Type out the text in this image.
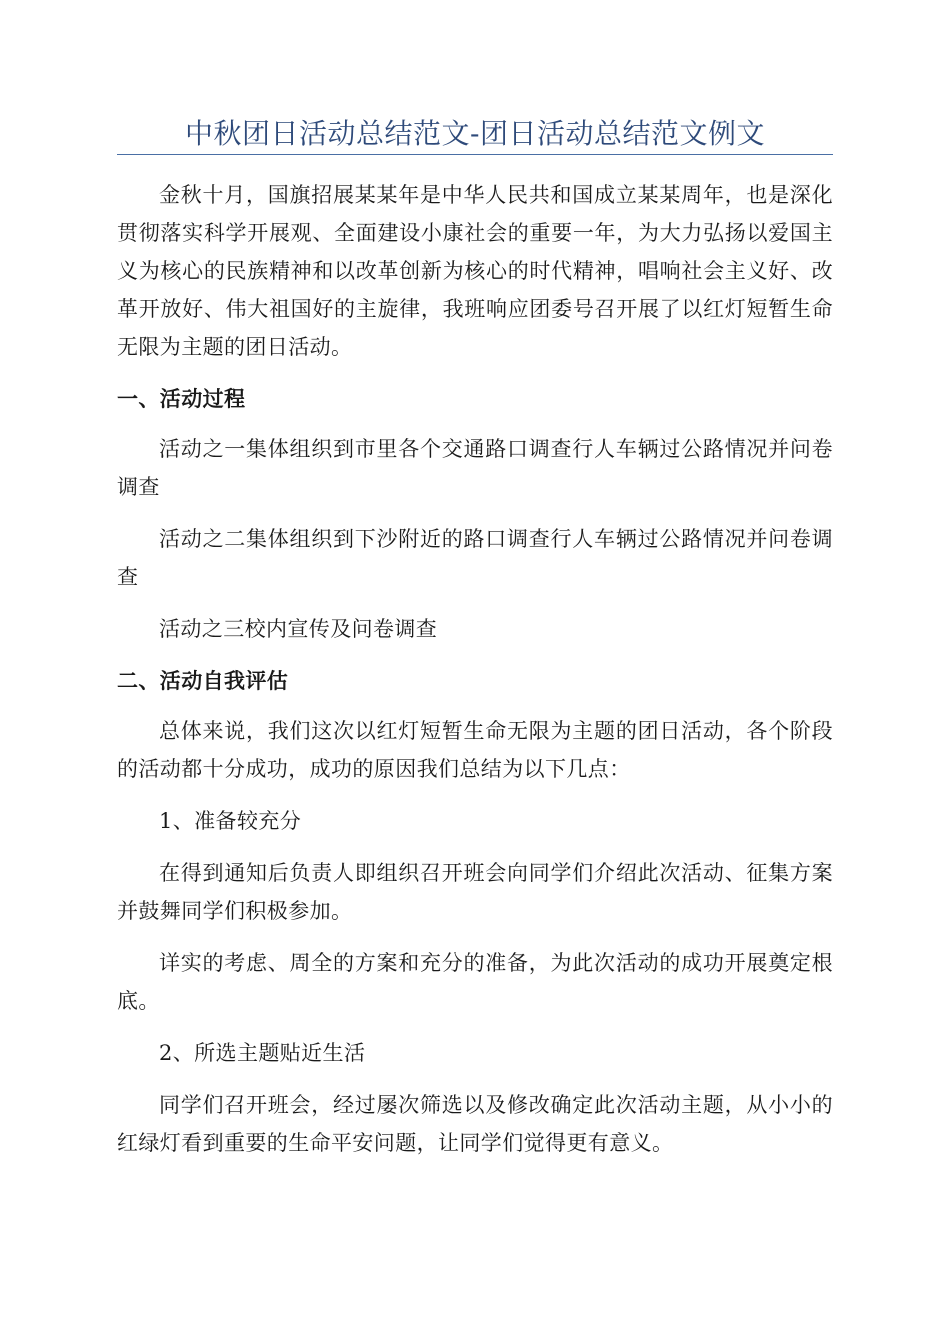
中秋团日活动总结范文-团日活动总结范文例文

金秋十月，国旗招展某某年是中华人民共和国成立某某周年，也是深化贯彻落实科学开展观、全面建设小康社会的重要一年，为大力弘扬以爱国主义为核心的民族精神和以改革创新为核心的时代精神，唱响社会主义好、改革开放好、伟大祖国好的主旋律，我班响应团委号召开展了以红灯短暂生命无限为主题的团日活动。

一、活动过程

活动之一集体组织到市里各个交通路口调查行人车辆过公路情况并问卷调查

活动之二集体组织到下沙附近的路口调查行人车辆过公路情况并问卷调查

活动之三校内宣传及问卷调查

二、活动自我评估

总体来说，我们这次以红灯短暂生命无限为主题的团日活动，各个阶段的活动都十分成功，成功的原因我们总结为以下几点：

1、准备较充分

在得到通知后负责人即组织召开班会向同学们介绍此次活动、征集方案并鼓舞同学们积极参加。

详实的考虑、周全的方案和充分的准备，为此次活动的成功开展奠定根底。

2、所选主题贴近生活

同学们召开班会，经过屡次筛选以及修改确定此次活动主题，从小小的红绿灯看到重要的生命平安问题，让同学们觉得更有意义。
